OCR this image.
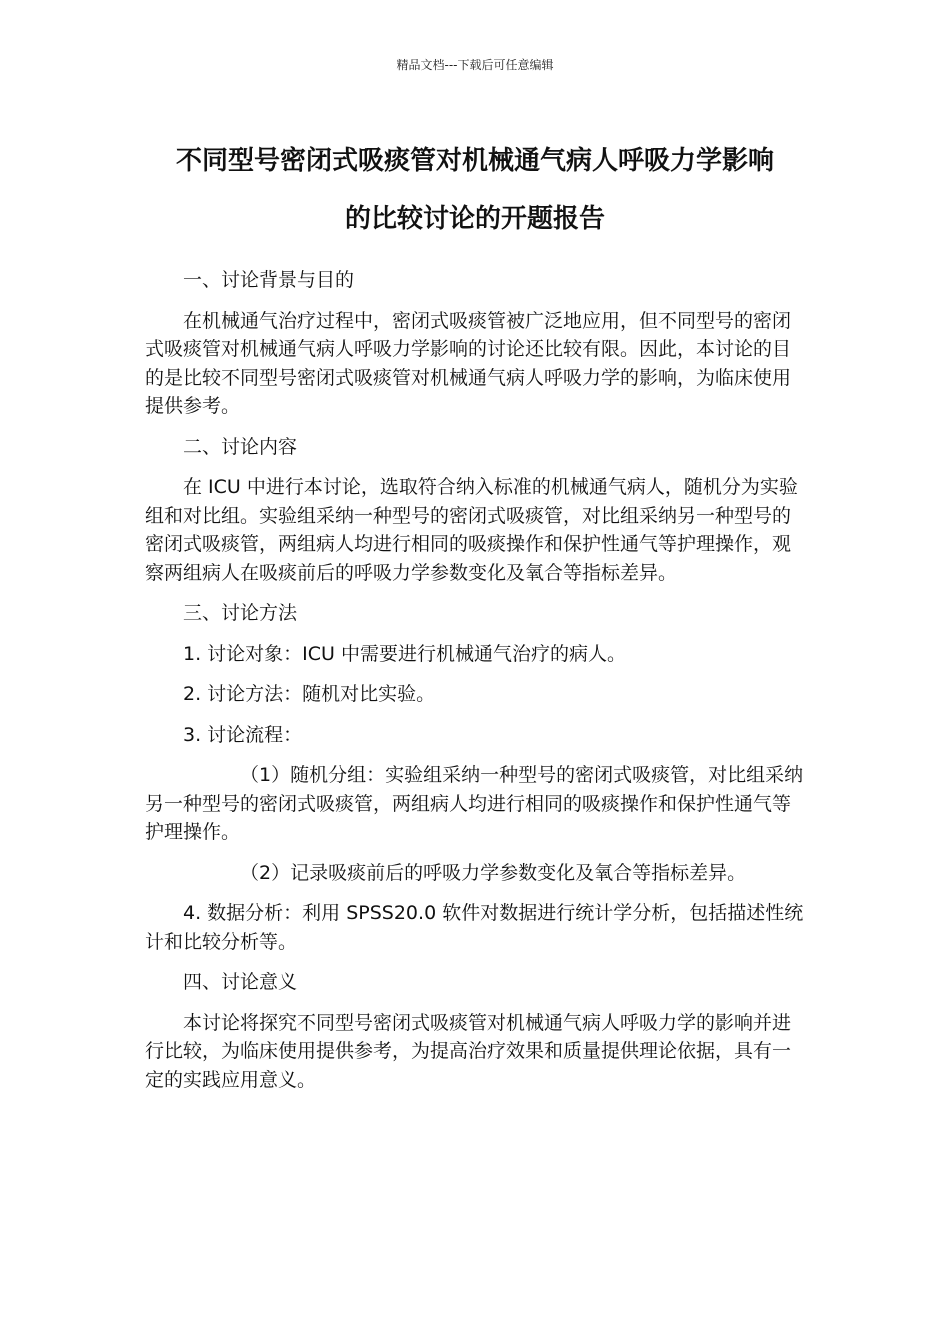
精品文档---下载后可任意编辑
不同型号密闭式吸痰管对机械通气病人呼吸力学影响
的比较讨论的开题报告

一、讨论背景与目的

在机械通气治疗过程中，密闭式吸痰管被广泛地应用，但不同型号的密闭式吸痰管对机械通气病人呼吸力学影响的讨论还比较有限。因此，本讨论的目的是比较不同型号密闭式吸痰管对机械通气病人呼吸力学的影响，为临床使用提供参考。

二、讨论内容

在 ICU 中进行本讨论，选取符合纳入标准的机械通气病人，随机分为实验组和对比组。实验组采纳一种型号的密闭式吸痰管，对比组采纳另一种型号的密闭式吸痰管，两组病人均进行相同的吸痰操作和保护性通气等护理操作，观察两组病人在吸痰前后的呼吸力学参数变化及氧合等指标差异。

三、讨论方法

1. 讨论对象：ICU 中需要进行机械通气治疗的病人。

2. 讨论方法：随机对比实验。

3. 讨论流程：

（1）随机分组：实验组采纳一种型号的密闭式吸痰管，对比组采纳另一种型号的密闭式吸痰管，两组病人均进行相同的吸痰操作和保护性通气等护理操作。

（2）记录吸痰前后的呼吸力学参数变化及氧合等指标差异。

4. 数据分析：利用 SPSS20.0 软件对数据进行统计学分析，包括描述性统计和比较分析等。

四、讨论意义

本讨论将探究不同型号密闭式吸痰管对机械通气病人呼吸力学的影响并进行比较，为临床使用提供参考，为提高治疗效果和质量提供理论依据，具有一定的实践应用意义。
